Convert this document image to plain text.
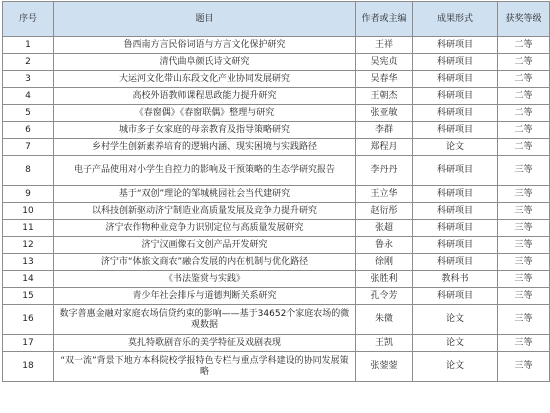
序号	题目	作者或主编	成果形式	获奖等级
1	鲁西南方言民俗词语与方言文化保护研究	王祥	科研项目	二等
2	清代曲阜颜氏诗文研究	吴宪贞	科研项目	二等
3	大运河文化带山东段文化产业协同发展研究	吴春华	科研项目	二等
4	高校外语教师课程思政能力提升研究	王朝杰	科研项目	二等
5	《春窗偶》《春窗联偶》整理与研究	张亚敏	科研项目	二等
6	城市多子女家庭的母亲教育及指导策略研究	李群	科研项目	二等
7	乡村学生创新素养培育的逻辑内涵、现实困境与实践路径	郑程月	论文	二等
8	电子产品使用对小学生自控力的影响及干预策略的生态学研究报告	李丹丹	科研项目	三等
9	基于“双创”理论的邹城桃园社会当代建研究	王立华	科研项目	三等
10	以科技创新驱动济宁制造业高质量发展及竞争力提升研究	赵衍彤	科研项目	三等
11	济宁农作物种业竞争力识别定位与高质量发展研究	张超	科研项目	三等
12	济宁汉画像石文创产品开发研究	鲁永	科研项目	三等
13	济宁市“体旅文商农”融合发展的内在机制与优化路径	徐刚	科研项目	三等
14	《书法鉴赏与实践》	张胜利	教科书	三等
15	青少年社会排斥与道德判断关系研究	孔令芳	科研项目	三等
16	数字普惠金融对家庭农场信贷约束的影响——基于34652个家庭农场的微观数据	朱微	论文	三等
17	莫扎特歌剧音乐的美学特征及戏剧表现	王凯	论文	三等
18	“双一流”背景下地方本科院校学报特色专栏与重点学科建设的协同发展策略	张蓥蓥	论文	三等
